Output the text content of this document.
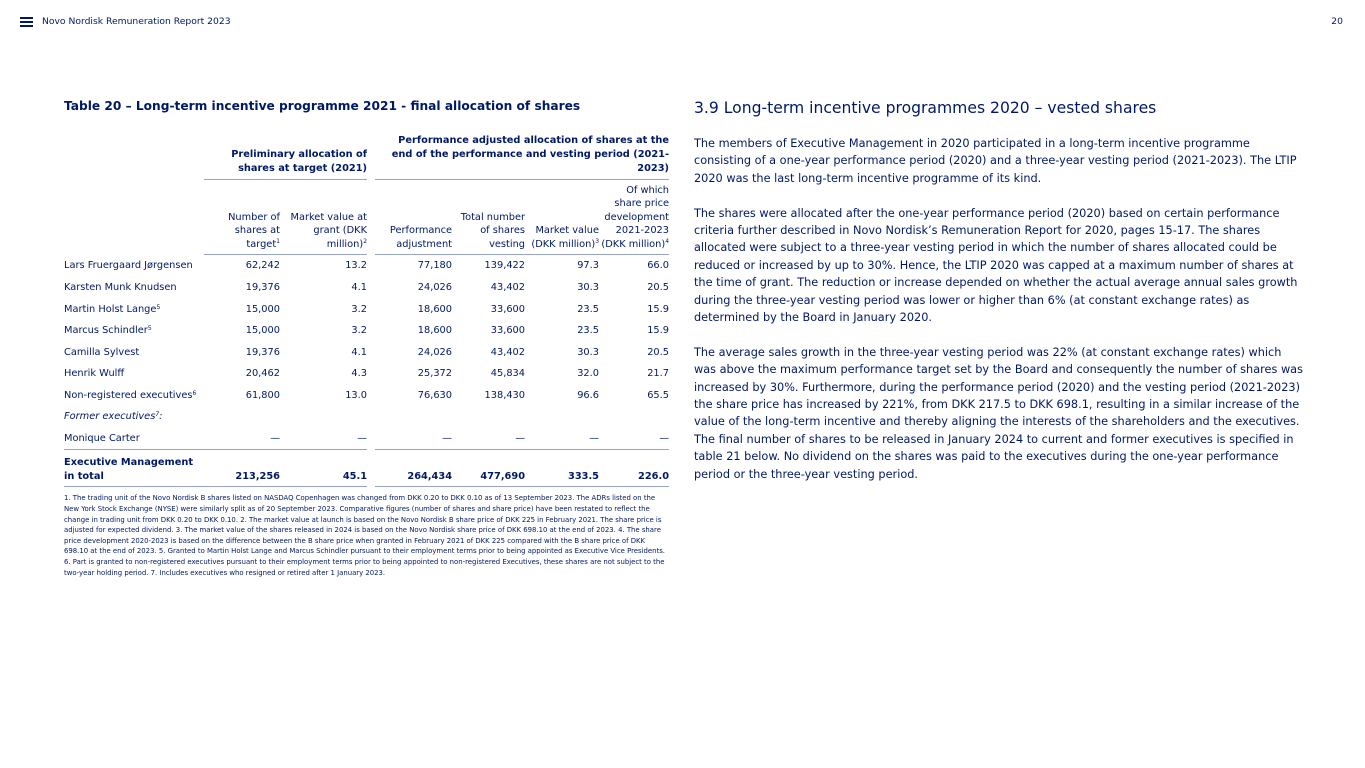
Novo Nordisk Remuneration Report 2023	20
Table 20 – Long-term incentive programme 2021 - final allocation of shares
	Preliminary allocation of shares at target (2021)			Performance adjusted allocation of shares at the end of the performance and vesting period (2021-2023)			
	Number of shares at target$^1$	Market value at grant (DKK million)$^2$		Performance adjustment	Total number of shares vesting	Market value (DKK million)$^3$	Of which share price development 2021-2023 (DKK million)$^4$
Lars Fruergaard Jørgensen	62,242	13.2		77,180	139,422	97.3	66.0
Karsten Munk Knudsen	19,376	4.1		24,026	43,402	30.3	20.5
Martin Holst Lange$^5$	15,000	3.2		18,600	33,600	23.5	15.9
Marcus Schindler$^5$	15,000	3.2		18,600	33,600	23.5	15.9
Camilla Sylvest	19,376	4.1		24,026	43,402	30.3	20.5
Henrik Wulff	20,462	4.3		25,372	45,834	32.0	21.7
Non-registered executives$^6$	61,800	13.0		76,630	138,430	96.6	65.5
Former executives$^7$:							
Monique Carter	—	—		—	—	—	—
Executive Management
in total	213,256	45.1		264,434	477,690	333.5	226.0
1. The trading unit of the Novo Nordisk B shares listed on NASDAQ Copenhagen was changed from DKK 0.20 to DKK 0.10 as of 13 September 2023. The ADRs listed on the New York Stock Exchange (NYSE) were similarly split as of 20 September 2023. Comparative figures (number of shares and share price) have been restated to reflect the change in trading unit from DKK 0.20 to DKK 0.10. 2. The market value at launch is based on the Novo Nordisk B share price of DKK 225 in February 2021. The share price is adjusted for expected dividend. 3. The market value of the shares released in 2024 is based on the Novo Nordisk share price of DKK 698.10 at the end of 2023. 4. The share price development 2020-2023 is based on the difference between the B share price when granted in February 2021 of DKK 225 compared with the B share price of DKK 698.10 at the end of 2023. 5. Granted to Martin Holst Lange and Marcus Schindler pursuant to their employment terms prior to being appointed as Executive Vice Presidents. 6. Part is granted to non-registered executives pursuant to their employment terms prior to being appointed to non-registered Executives, these shares are not subject to the two-year holding period. 7. Includes executives who resigned or retired after 1 January 2023.
3.9 Long-term incentive programmes 2020 – vested shares

The members of Executive Management in 2020 participated in a long-term incentive programme consisting of a one-year performance period (2020) and a three-year vesting period (2021-2023). The LTIP 2020 was the last long-term incentive programme of its kind.

The shares were allocated after the one-year performance period (2020) based on certain performance criteria further described in Novo Nordisk’s Remuneration Report for 2020, pages 15-17. The shares allocated were subject to a three-year vesting period in which the number of shares allocated could be reduced or increased by up to 30%. Hence, the LTIP 2020 was capped at a maximum number of shares at the time of grant. The reduction or increase depended on whether the actual average annual sales growth during the three-year vesting period was lower or higher than 6% (at constant exchange rates) as determined by the Board in January 2020.

The average sales growth in the three-year vesting period was 22% (at constant exchange rates) which was above the maximum performance target set by the Board and consequently the number of shares was increased by 30%. Furthermore, during the performance period (2020) and the vesting period (2021-2023) the share price has increased by 221%, from DKK 217.5 to DKK 698.1, resulting in a similar increase of the value of the long-term incentive and thereby aligning the interests of the shareholders and the executives. The final number of shares to be released in January 2024 to current and former executives is specified in table 21 below. No dividend on the shares was paid to the executives during the one-year performance period or the three-year vesting period.
